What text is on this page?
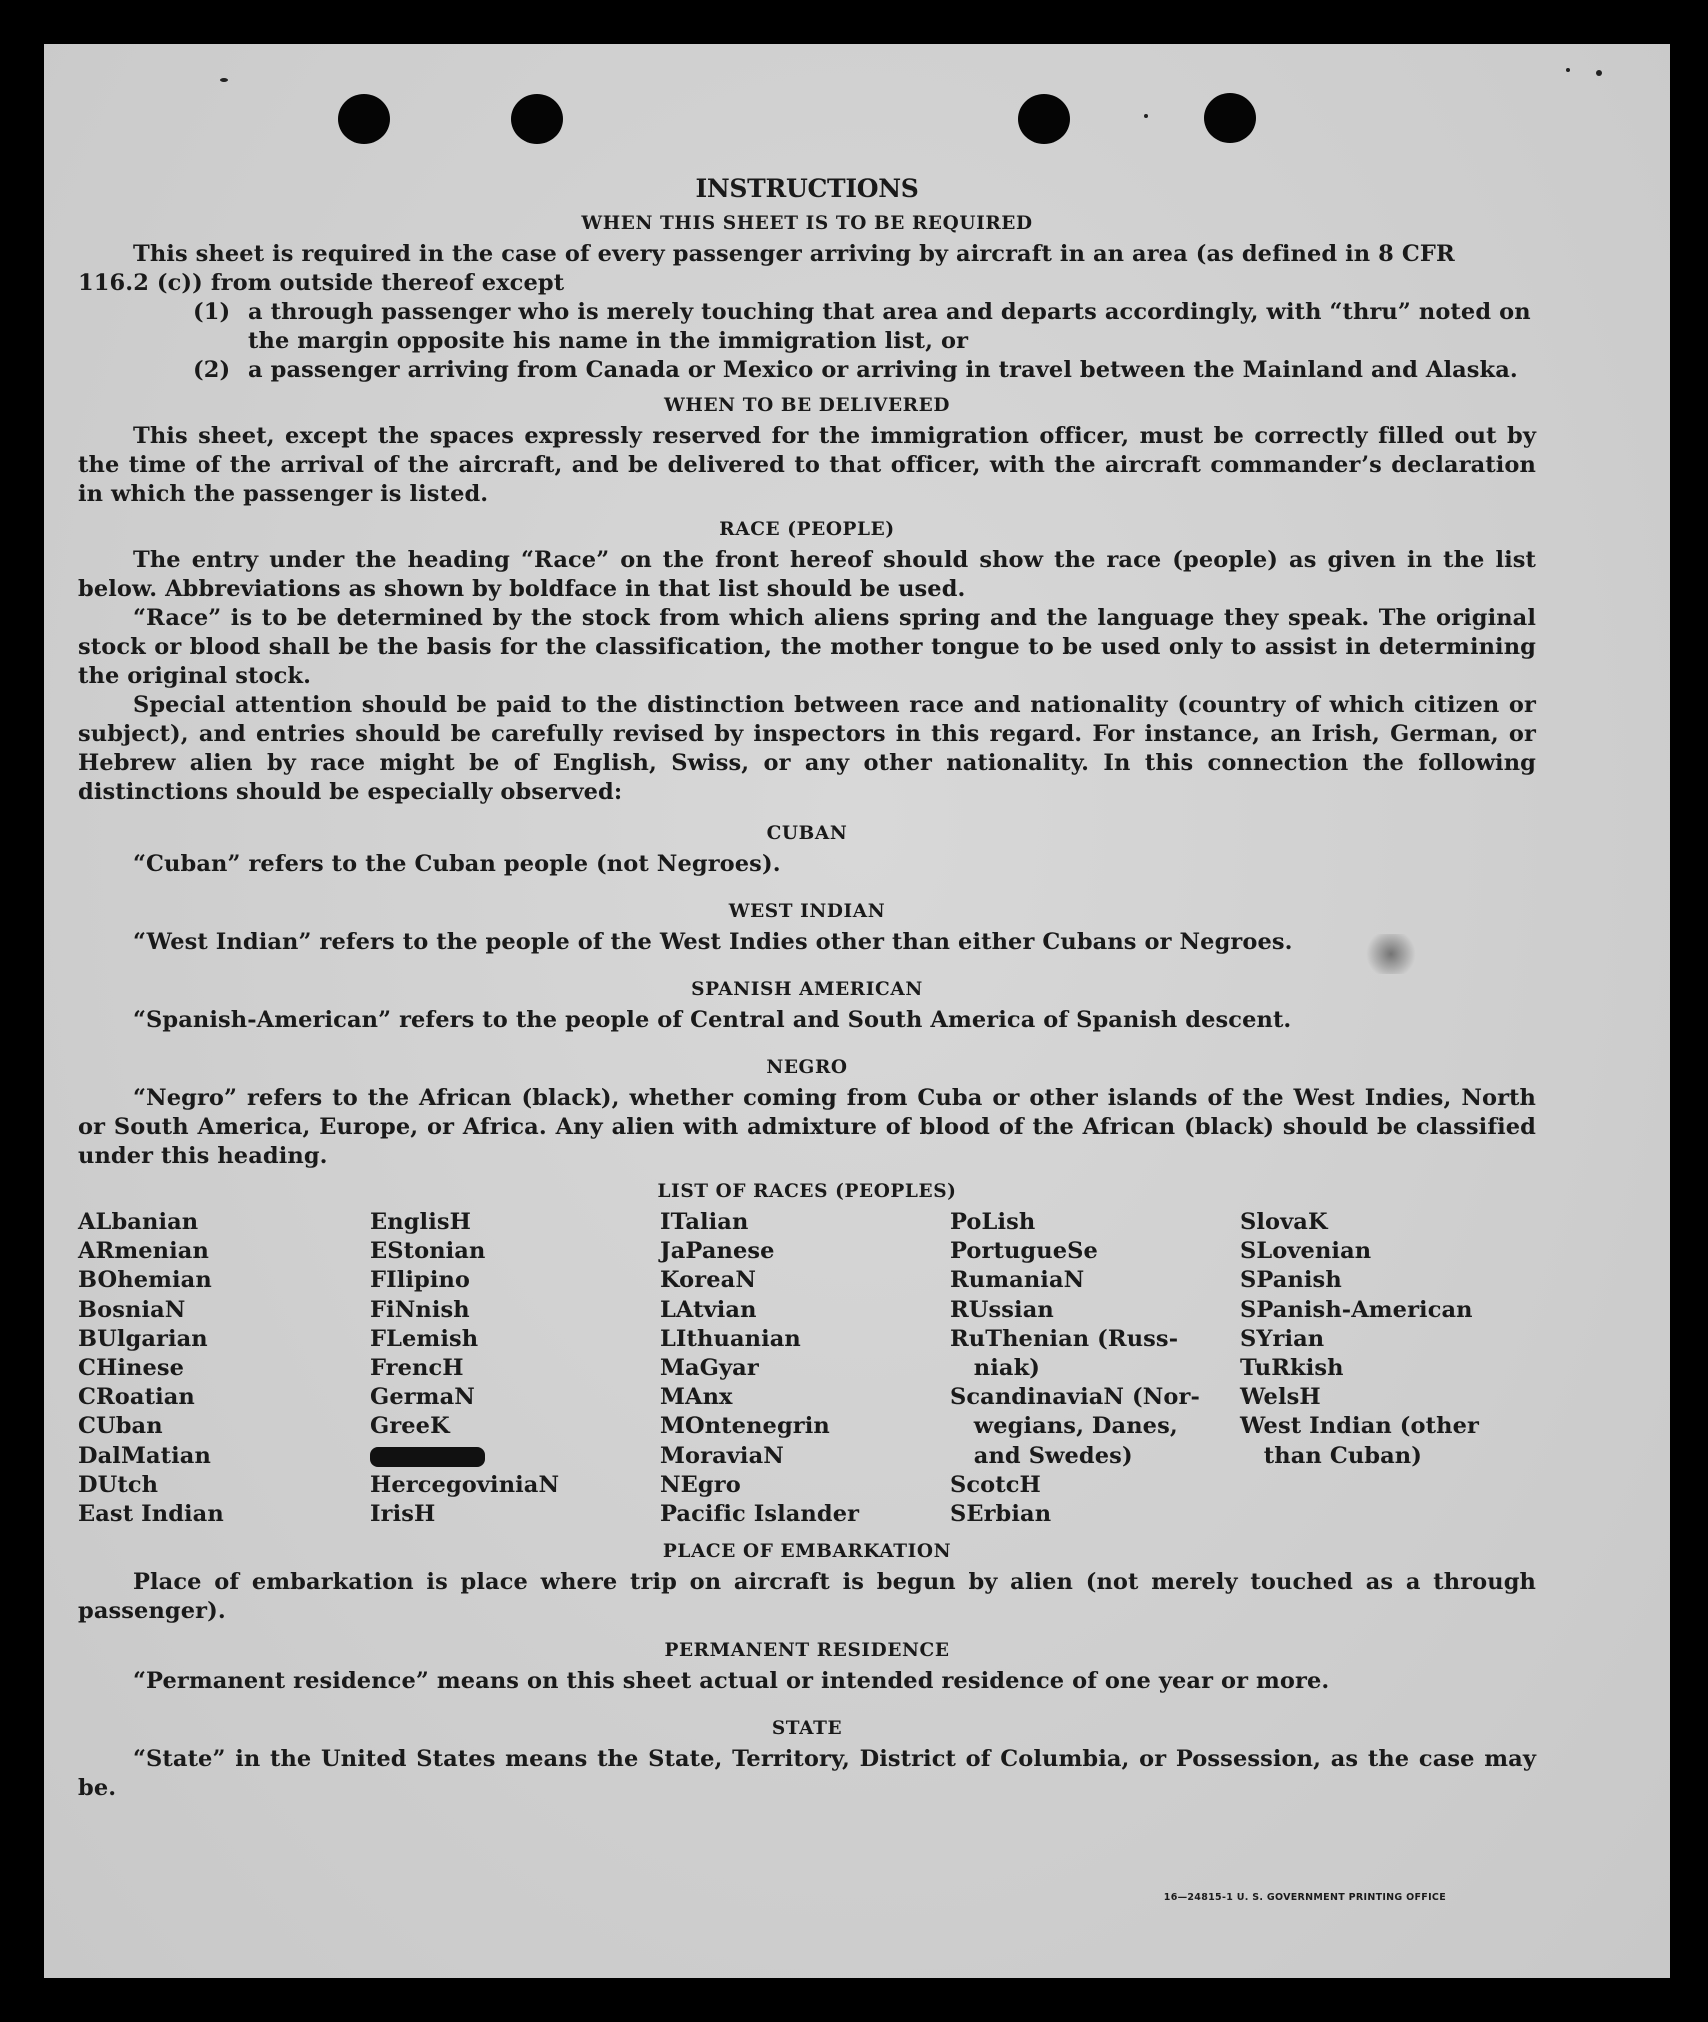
INSTRUCTIONS
WHEN THIS SHEET IS TO BE REQUIRED
This sheet is required in the case of every passenger arriving by aircraft in an area (as defined in 8 CFR
116.2 (c)) from outside thereof except
(1) a through passenger who is merely touching that area and departs accordingly, with “thru” noted on the margin opposite his name in the immigration list, or
(2) a passenger arriving from Canada or Mexico or arriving in travel between the Mainland and Alaska.
WHEN TO BE DELIVERED

This sheet, except the spaces expressly reserved for the immigration officer, must be correctly filled out by the time of the arrival of the aircraft, and be delivered to that officer, with the aircraft commander’s declaration in which the passenger is listed.

RACE (PEOPLE)

The entry under the heading “Race” on the front hereof should show the race (people) as given in the list below. Abbreviations as shown by boldface in that list should be used.

“Race” is to be determined by the stock from which aliens spring and the language they speak. The original stock or blood shall be the basis for the classification, the mother tongue to be used only to assist in determining the original stock.

Special attention should be paid to the distinction between race and nationality (country of which citizen or subject), and entries should be carefully revised by inspectors in this regard. For instance, an Irish, German, or Hebrew alien by race might be of English, Swiss, or any other nationality. In this connection the following distinctions should be especially observed:

CUBAN

“Cuban” refers to the Cuban people (not Negroes).

WEST INDIAN

“West Indian” refers to the people of the West Indies other than either Cubans or Negroes.

SPANISH AMERICAN

“Spanish-American” refers to the people of Central and South America of Spanish descent.

NEGRO

“Negro” refers to the African (black), whether coming from Cuba or other islands of the West Indies, North or South America, Europe, or Africa. Any alien with admixture of blood of the African (black) should be classified under this heading.

LIST OF RACES (PEOPLES)
ALbanian
ARmenian
BOhemian
BosniaN
BUlgarian
CHinese
CRoatian
CUban
DalMatian
DUtch
East Indian
EnglisH
EStonian
FIlipino
FiNnish
FLemish
FrencH
GermaN
GreeK
HercegoviniaN
IrisH
ITalian
JaPanese
KoreaN
LAtvian
LIthuanian
MaGyar
MAnx
MOntenegrin
MoraviaN
NEgro
Pacific Islander
PoLish
PortugueSe
RumaniaN
RUssian
RuThenian (Russ-
niak)
ScandinaviaN (Nor-
wegians, Danes,
and Swedes)
ScotcH
SErbian
SlovaK
SLovenian
SPanish
SPanish-American
SYrian
TuRkish
WelsH
West Indian (other
than Cuban)
PLACE OF EMBARKATION

Place of embarkation is place where trip on aircraft is begun by alien (not merely touched as a through passenger).

PERMANENT RESIDENCE

“Permanent residence” means on this sheet actual or intended residence of one year or more.

STATE

“State” in the United States means the State, Territory, District of Columbia, or Possession, as the case may be.

16—24815-1 U. S. GOVERNMENT PRINTING OFFICE
